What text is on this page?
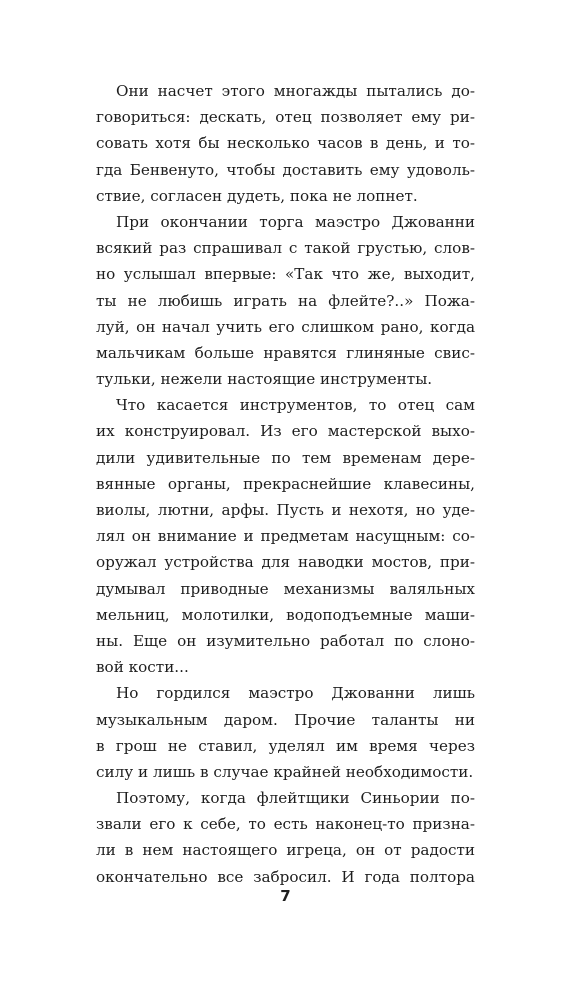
Они насчет этого многажды пытались до-
говориться: дескать, отец позволяет ему ри-
совать хотя бы несколько часов в день, и то-
гда Бенвенуто, чтобы доставить ему удоволь-
ствие, согласен дудеть, пока не лопнет.

При окончании торга маэстро Джованни
всякий раз спрашивал с такой грустью, слов-
но услышал впервые: «Так что же, выходит,
ты не любишь играть на флейте?..» Пожа-
луй, он начал учить его слишком рано, когда
мальчикам больше нравятся глиняные свис-
тульки, нежели настоящие инструменты.

Что касается инструментов, то отец сам
их конструировал. Из его мастерской выхо-
дили удивительные по тем временам дере-
вянные органы, прекраснейшие клавесины,
виолы, лютни, арфы. Пусть и нехотя, но уде-
лял он внимание и предметам насущным: со-
оружал устройства для наводки мостов, при-
думывал приводные механизмы валяльных
мельниц, молотилки, водоподъемные маши-
ны. Еще он изумительно работал по слоно-
вой кости...

Но гордился маэстро Джованни лишь
музыкальным даром. Прочие таланты ни
в грош не ставил, уделял им время через
силу и лишь в случае крайней необходимости.

Поэтому, когда флейтщики Синьории по-
звали его к себе, то есть наконец-то призна-
ли в нем настоящего игреца, он от радости
окончательно все забросил. И года полтора

7
